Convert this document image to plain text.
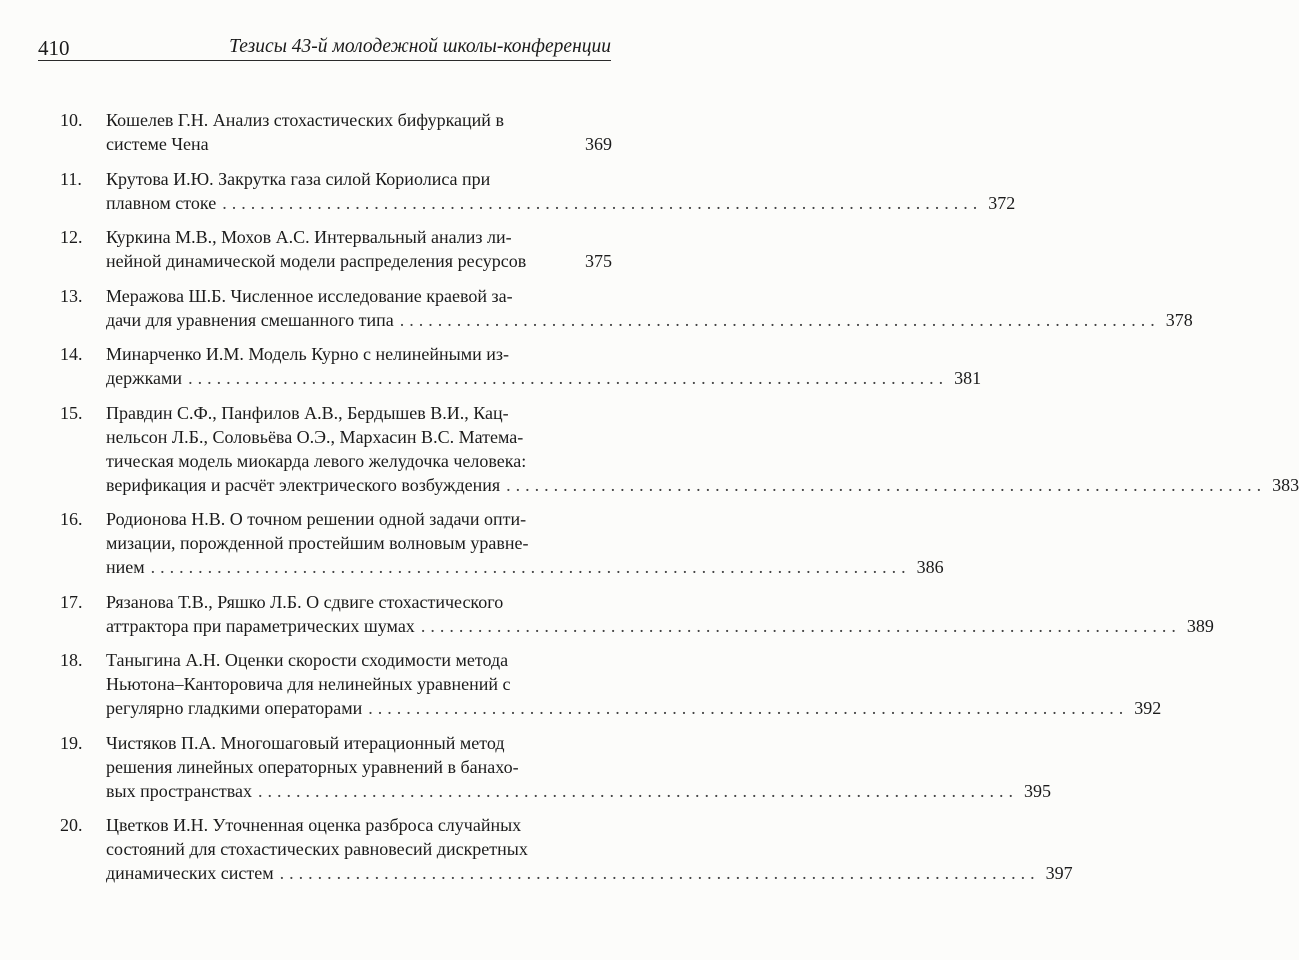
410	Тезисы 43-й молодежной школы-конференции
10. Кошелев Г.Н. Анализ стохастических бифуркаций в
системе Чена	369
11. Крутова И.Ю. Закрутка газа силой Кориолиса при
плавном стоке ................................................................................ 372
12. Куркина М.В., Мохов А.С. Интервальный анализ ли-
нейной динамической модели распределения ресурсов	375
13. Меражова Ш.Б. Численное исследование краевой за-
дачи для уравнения смешанного типа ................................................................................ 378
14. Минарченко И.М. Модель Курно с нелинейными из-
держками ................................................................................ 381
15. Правдин С.Ф., Панфилов А.В., Бердышев В.И., Кац-
нельсон Л.Б., Соловьёва О.Э., Мархасин В.С. Матема-
тическая модель миокарда левого желудочка человека:
верификация и расчёт электрического возбуждения ................................................................................ 383
16. Родионова Н.В. О точном решении одной задачи опти-
мизации, порожденной простейшим волновым уравне-
нием ................................................................................ 386
17. Рязанова Т.В., Ряшко Л.Б. О сдвиге стохастического
аттрактора при параметрических шумах ................................................................................ 389
18. Таныгина А.Н. Оценки скорости сходимости метода
Ньютона–Канторовича для нелинейных уравнений с
регулярно гладкими операторами ................................................................................ 392
19. Чистяков П.А. Многошаговый итерационный метод
решения линейных операторных уравнений в банахо-
вых пространствах ................................................................................ 395
20. Цветков И.Н. Уточненная оценка разброса случайных
состояний для стохастических равновесий дискретных
динамических систем ................................................................................ 397
